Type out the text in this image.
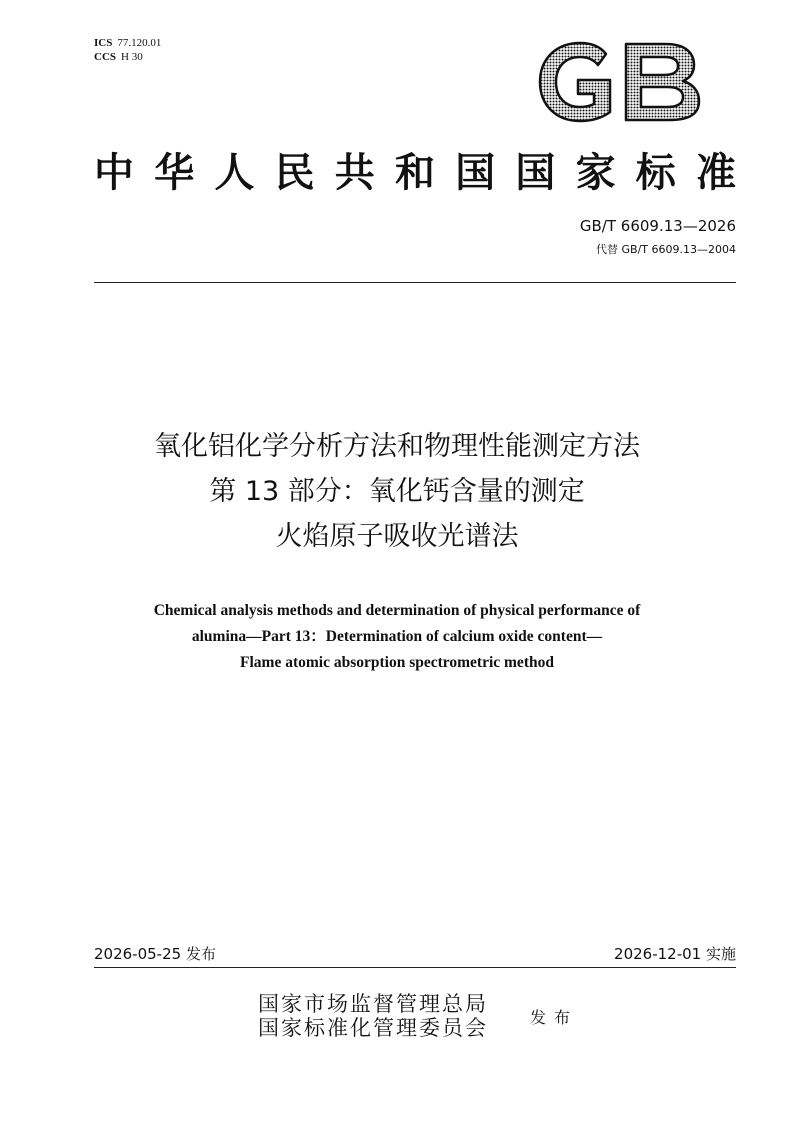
ICS 77.120.01
CCS H 30
中华人民共和国国家标准
GB/T 6609.13—2026
代替 GB/T 6609.13—2004
氧化铝化学分析方法和物理性能测定方法
第 13 部分：氧化钙含量的测定
火焰原子吸收光谱法
Chemical analysis methods and determination of physical performance of
alumina—Part 13：Determination of calcium oxide content—
Flame atomic absorption spectrometric method
2026-05-25 发布	2026-12-01 实施
国家市场监督管理总局
国家标准化管理委员会	发布
